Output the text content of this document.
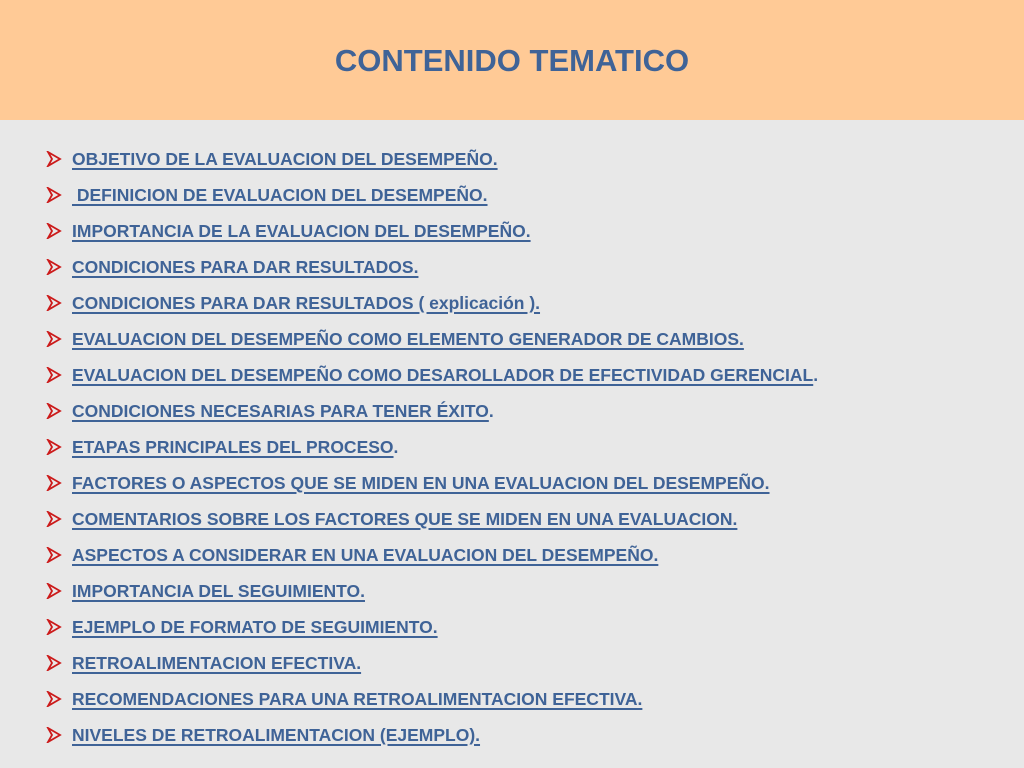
CONTENIDO TEMATICO
OBJETIVO DE LA EVALUACION DEL DESEMPEÑO.
DEFINICION DE EVALUACION DEL DESEMPEÑO.
IMPORTANCIA DE LA EVALUACION DEL DESEMPEÑO.
CONDICIONES PARA DAR RESULTADOS.
CONDICIONES PARA DAR RESULTADOS ( explicación ).
EVALUACION DEL DESEMPEÑO COMO ELEMENTO GENERADOR DE CAMBIOS.
EVALUACION DEL DESEMPEÑO COMO DESAROLLADOR DE EFECTIVIDAD GERENCIAL .
CONDICIONES NECESARIAS PARA TENER ÉXITO .
ETAPAS PRINCIPALES DEL PROCESO .
FACTORES O ASPECTOS QUE SE MIDEN EN UNA EVALUACION DEL DESEMPEÑO.
COMENTARIOS SOBRE LOS FACTORES QUE SE MIDEN EN UNA EVALUACION.
ASPECTOS A CONSIDERAR EN UNA EVALUACION DEL DESEMPEÑO.
IMPORTANCIA DEL SEGUIMIENTO.
EJEMPLO DE FORMATO DE SEGUIMIENTO.
RETROALIMENTACION EFECTIVA.
RECOMENDACIONES PARA UNA RETROALIMENTACION EFECTIVA.
NIVELES DE RETROALIMENTACION (EJEMPLO).
